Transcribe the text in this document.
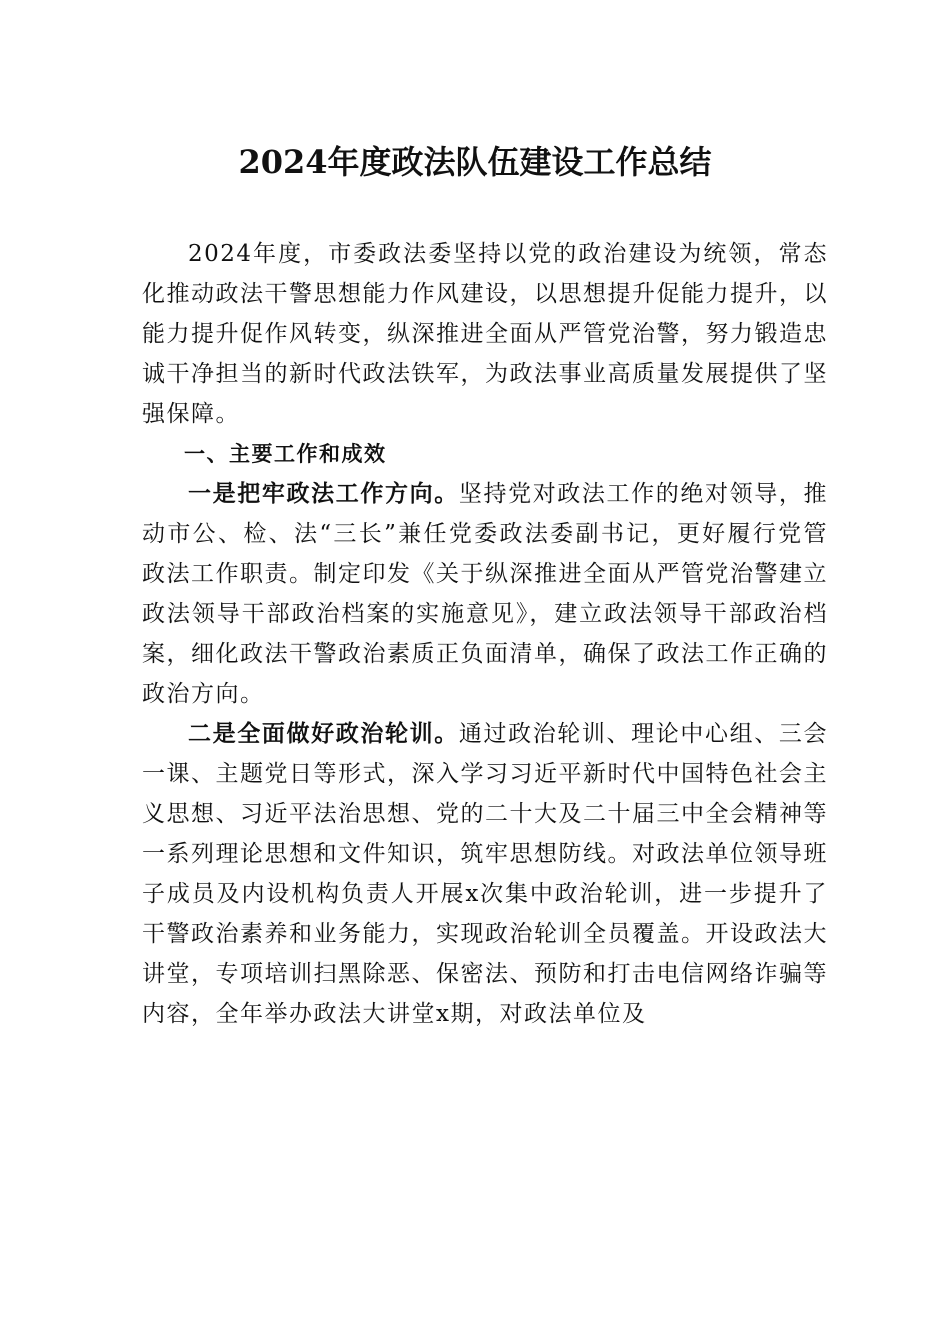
2024年度政法队伍建设工作总结

2024年度，市委政法委坚持以党的政治建设为统领，常态化推动政法干警思想能力作风建设，以思想提升促能力提升，以能力提升促作风转变，纵深推进全面从严管党治警，努力锻造忠诚干净担当的新时代政法铁军，为政法事业高质量发展提供了坚强保障。

一、主要工作和成效

一是把牢政法工作方向。坚持党对政法工作的绝对领导，推动市公、检、法“三长”兼任党委政法委副书记，更好履行党管政法工作职责。制定印发《关于纵深推进全面从严管党治警建立政法领导干部政治档案的实施意见》，建立政法领导干部政治档案，细化政法干警政治素质正负面清单，确保了政法工作正确的政治方向。

二是全面做好政治轮训。通过政治轮训、理论中心组、三会一课、主题党日等形式，深入学习习近平新时代中国特色社会主义思想、习近平法治思想、党的二十大及二十届三中全会精神等一系列理论思想和文件知识，筑牢思想防线。对政法单位领导班子成员及内设机构负责人开展x次集中政治轮训，进一步提升了干警政治素养和业务能力，实现政治轮训全员覆盖。开设政法大讲堂，专项培训扫黑除恶、保密法、预防和打击电信网络诈骗等内容，全年举办政法大讲堂x期，对政法单位及
